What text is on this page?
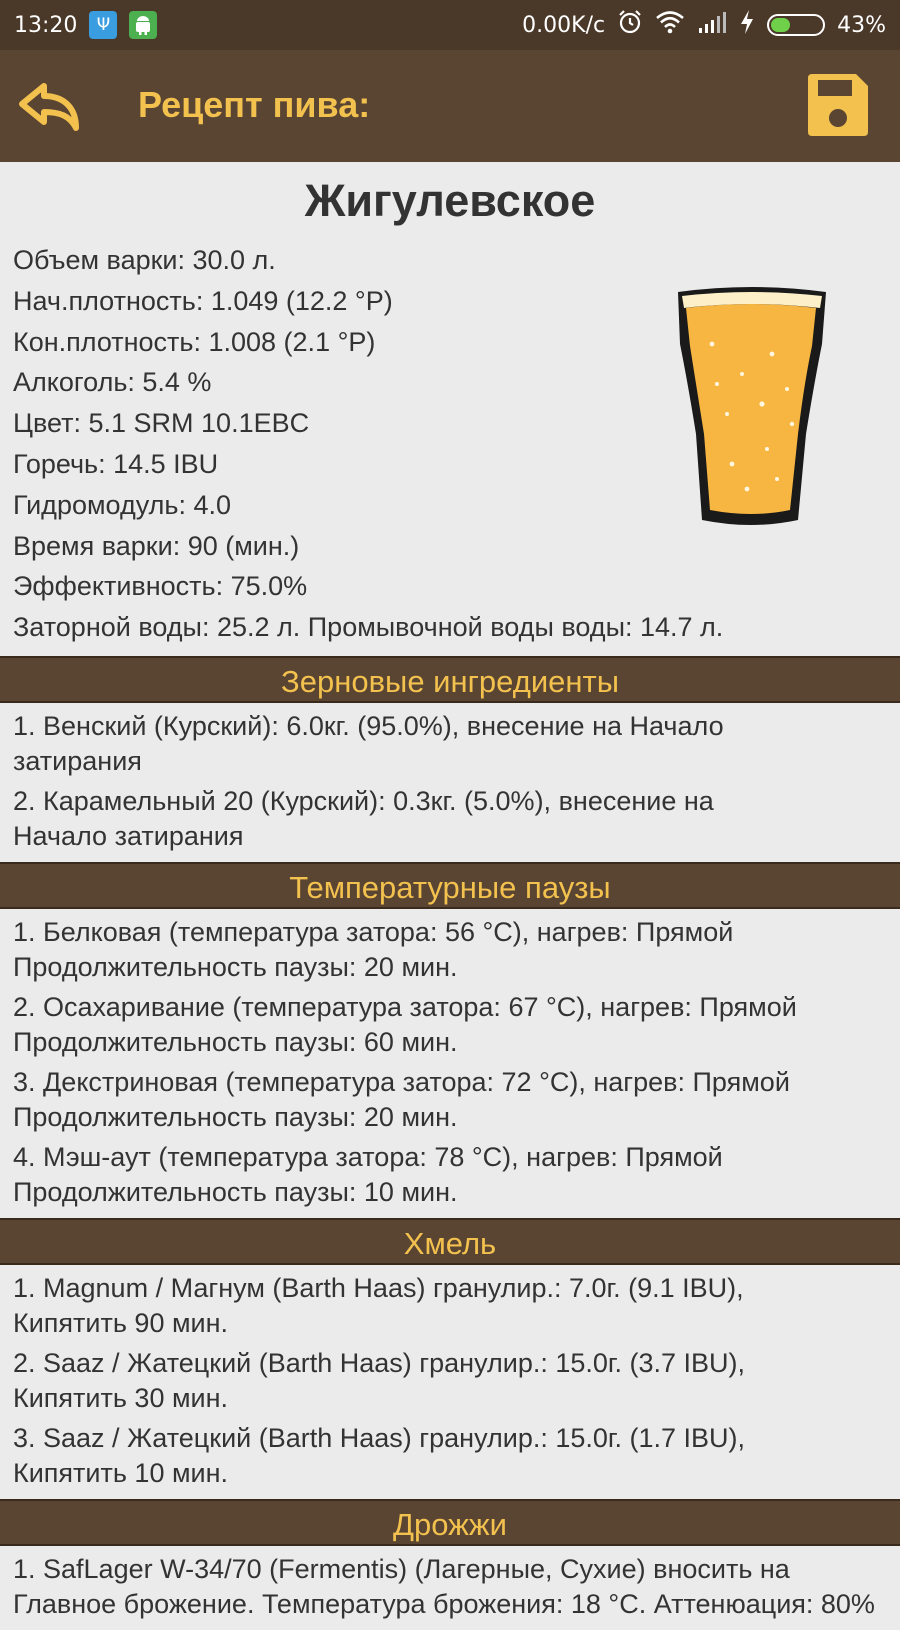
13:20	Ψ	0.00K/c	43%
Рецепт пива:
Жигулевское
Объем варки: 30.0 л.
Нач.плотность: 1.049 (12.2 °P)
Кон.плотность: 1.008 (2.1 °P)
Алкоголь: 5.4 %
Цвет: 5.1 SRM 10.1EBC
Горечь: 14.5 IBU
Гидромодуль: 4.0
Время варки: 90 (мин.)
Эффективность: 75.0%
Заторной воды: 25.2 л. Промывочной воды воды: 14.7 л.
Зерновые ингредиенты
1. Венский (Курский): 6.0кг. (95.0%), внесение на Начало
затирания
2. Карамельный 20 (Курский): 0.3кг. (5.0%), внесение на
Начало затирания
Температурные паузы
1. Белковая (температура затора: 56 °C), нагрев: Прямой
Продолжительность паузы: 20 мин.
2. Осахаривание (температура затора: 67 °C), нагрев: Прямой
Продолжительность паузы: 60 мин.
3. Декстриновая (температура затора: 72 °C), нагрев: Прямой
Продолжительность паузы: 20 мин.
4. Мэш-аут (температура затора: 78 °C), нагрев: Прямой
Продолжительность паузы: 10 мин.
Хмель
1. Magnum / Магнум (Barth Haas) гранулир.: 7.0г. (9.1 IBU),
Кипятить 90 мин.
2. Saaz / Жатецкий (Barth Haas) гранулир.: 15.0г. (3.7 IBU),
Кипятить 30 мин.
3. Saaz / Жатецкий (Barth Haas) гранулир.: 15.0г. (1.7 IBU),
Кипятить 10 мин.
Дрожжи
1. SafLager W-34/70 (Fermentis) (Лагерные, Сухие) вносить на
Главное брожение. Температура брожения: 18 °C. Аттенюация: 80%
